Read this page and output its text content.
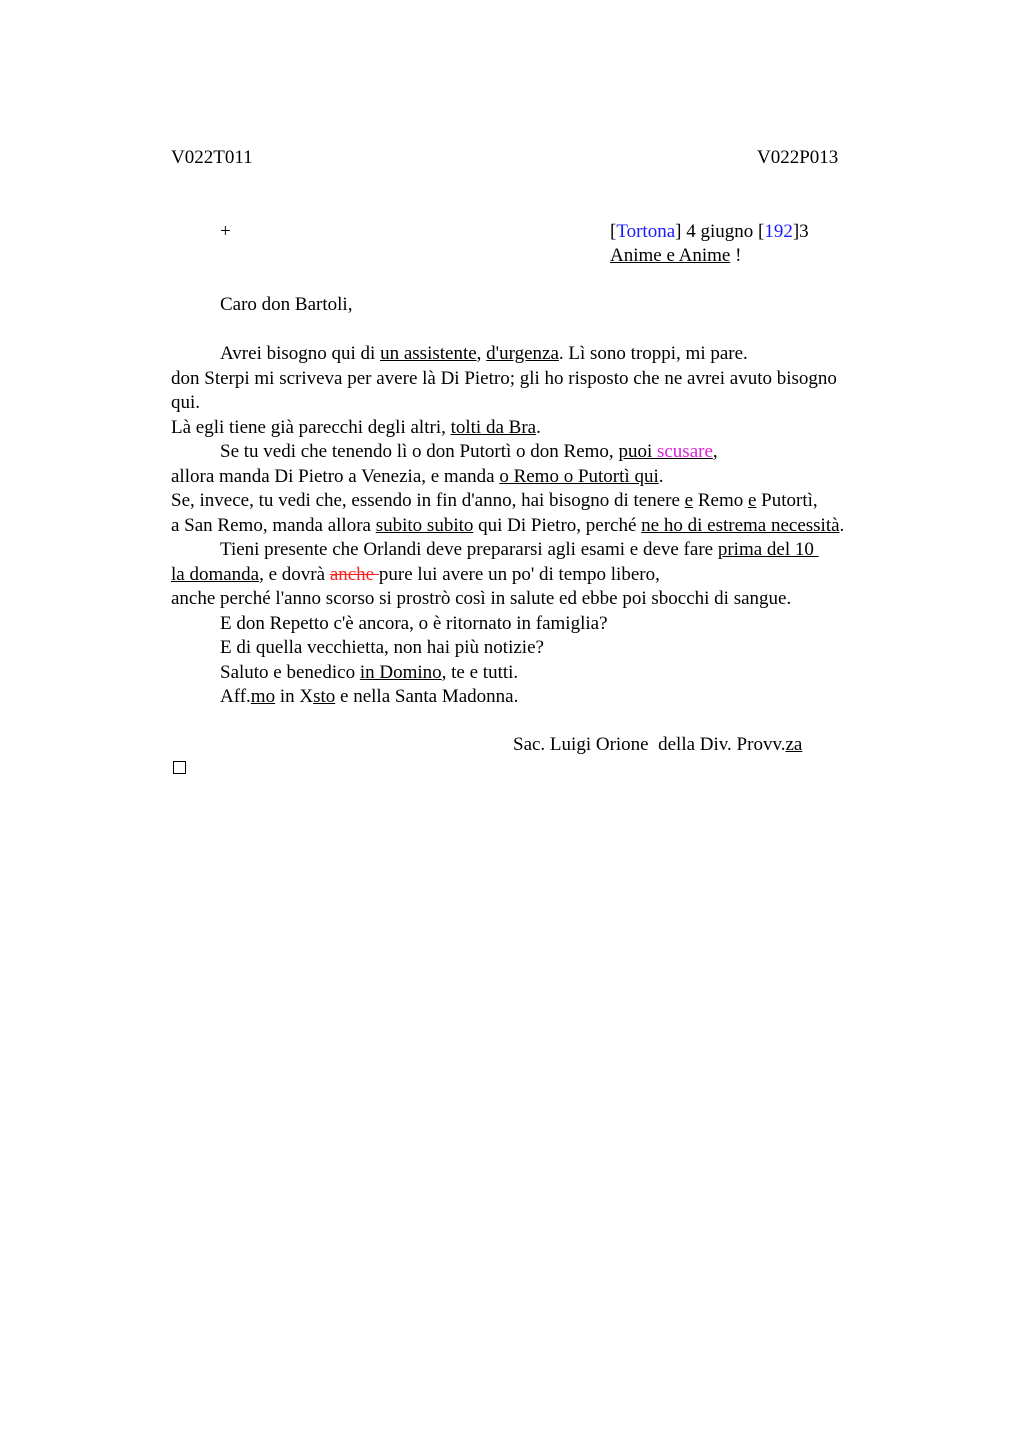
V022T011	V022P013
+	[Tortona] 4 giugno [192]3
Anime e Anime !
Caro don Bartoli,
Avrei bisogno qui di un assistente, d'urgenza. Lì sono troppi, mi pare.
don Sterpi mi scriveva per avere là Di Pietro; gli ho risposto che ne avrei avuto bisogno
qui.
Là egli tiene già parecchi degli altri, tolti da Bra.
Se tu vedi che tenendo lì o don Putortì o don Remo, puoi scusare,
allora manda Di Pietro a Venezia, e manda o Remo o Putortì qui.
Se, invece, tu vedi che, essendo in fin d'anno, hai bisogno di tenere e Remo e Putortì,
a San Remo, manda allora subito subito qui Di Pietro, perché ne ho di estrema necessità.
Tieni presente che Orlandi deve prepararsi agli esami e deve fare prima del 10
la domanda, e dovrà anche pure lui avere un po' di tempo libero,
anche perché l'anno scorso si prostrò così in salute ed ebbe poi sbocchi di sangue.
E don Repetto c'è ancora, o è ritornato in famiglia?
E di quella vecchietta, non hai più notizie?
Saluto e benedico in Domino, te e tutti.
Aff.mo in Xsto e nella Santa Madonna.
Sac. Luigi Orione  della Div. Provv.za
